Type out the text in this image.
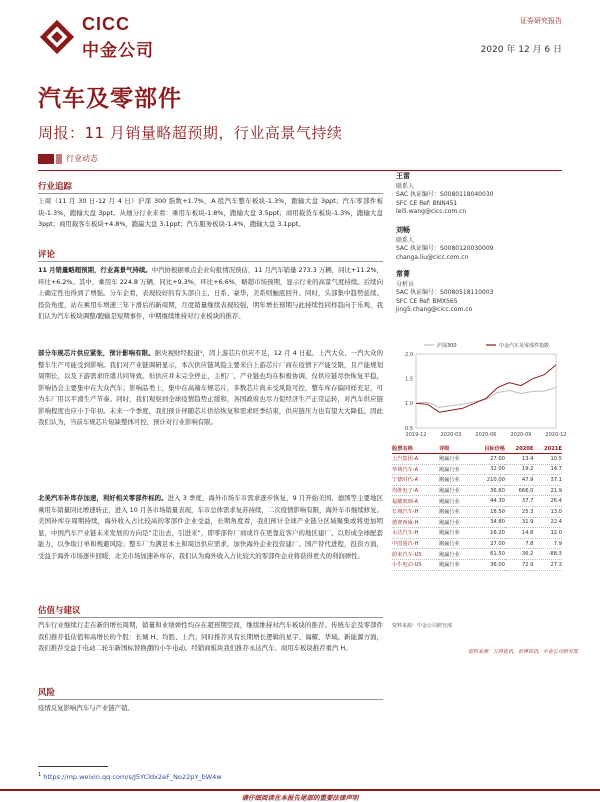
CICC
中金公司
证券研究报告
2020 年 12 月 6 日
汽车及零部件
周报：11 月销量略超预期，行业高景气持续
行业动态
行业追踪
上周（11 月 30 日-12 月 4 日）沪深 300 指数+1.7%，A 股汽车整车板块-1.3%，跑输大盘 3ppt；汽车零部件板块-1.3%，跑输大盘 3ppt。从细分行业来看：乘用车板块-1.8%，跑输大盘 3.5ppt；商用载货车板块-1.3%，跑输大盘 3ppt；商用载客车板块+4.8%，跑赢大盘 3.1ppt；汽车服务板块-1.4%，跑输大盘 3.1ppt。
评论
11 月销量略超预期，行业高景气持续。中汽协根据重点企业旬报情况预估，11 月汽车销量 273.3 万辆，同比+11.2%，环比+6.2%。其中，乘用车 224.8 万辆，同比+9.3%，环比+6.6%，略超市场预期，显示行业的高景气度持续。后续向上确定性也得到了增强。分车企看，表现较好的有头部自主、日系、豪华，美系则触底回升。同时，头部集中趋势延续。投资角度，站在乘用车增速三年下滑后的新周期，月度销量继续表现较强，明年增长预期与此持续性同样趋向于乐观，我们认为汽车板块调整/跑输是短期事件，中期继续维持对行业板块的推荐。
部分车规芯片供应紧张，预计影响有限。据央视财经报道¹，因上游芯片供应不足，12 月 4 日起，上汽大众、一汽大众的整车生产可能受到影响。我们对产业链调研显示，本次供应链风险主要来自上游芯片厂商在疫情下产能受限，且产能规划周期长，以及下游需求旺盛共同导致。但供应并未完全停止，主机厂、产业链也均在积极协调，仅供应链尽快恢复平稳，影响仍会主要集中在大众汽车；影响品类上，集中在高端车规芯片，多数芯片尚未受风险可控，整车库存偏同样充足，可为车厂用以平滑生产节奏。同时，我们观察到全球疫情趋势正缓和，各国政府也尽力促经济生产正常运转，对汽车供应链影响程度也应小于年初。未来一个季度，我们预计伴随芯片供给恢复和需求旺季结束，供应链压力也有望大大降低。因此我们认为，当前车规芯片短缺整体可控，预计对行业影响有限。
北美汽车补库存加速，利好相关零部件标的。进入 3 季度，海外市场车市需求逐步恢复，9 月开始美国、德国等主要地区乘用车销量同比增速转正，进入 10 月各市场销量表现，车市总体需求复苏持续，二次疫情影响有限，海外车市继续修复。美国补库存周期持续，海外收入占比较高的零部件企业受益，长期角度看，我们预计全球产业链分区域聚集或将更加明显，中国汽车产业链未来发展的方向是“走出去、引进来”，即零部件厂商或许在更靠近客户的地区建厂、以形成全球配套能力，以争取订单和规避风险；整车厂为满足本土和周边供应需求，加快海外企业投资建厂、国产替代进程，投资方面，受益于海外市场逐步回暖，北美市场加速补库存，我们认为海外收入占比较大的零部件企业将获得更大的利润弹性。
估值与建议
汽车行业继续行走在新的增长周期，销量和业绩弹性均存在超预期空间，继续维持对汽车板块的推荐。传统车企及零部件我们推荐低估值和高增长的个股：长城 H、均胜、上汽；同时推荐具有长期增长逻辑的星宇、福耀、华域、新能源方面，我们推荐受益于电动二轮车新国标替换潮的小牛电动。经销商板块我们推荐永达汽车、商用车板块推荐重汽 H。
风险
疫情反复影响汽车与产业链产销。
王雷
联系人
SAC 执证编号：S0080118040030
SFC CE Ref: BNN451
lei5.wang@cicc.com.cn
刘畅
联系人
SAC 执证编号：S0080120030009
changa.liu@cicc.com.cn
常菁
分析员
SAC 执证编号：S0080518110003
SFC CE Ref: BMX565
jing5.chang@cicc.com.cn
2.0
1.5
1.0
0.5
2019-12	2020-03	2020-06	2020-09	2020-12
沪深300	中金汽车及零部件指数
股票名称	评级	目标价格	2020E	2021E
上汽集团-A	跑赢行业	27.00	13.4	10.5
华域汽车-A	跑赢行业	32.00	19.2	14.7
宁德时代-A	跑赢行业	210.00	47.9	37.1
均胜电子-A	跑赢行业	36.60	666.0	21.9
福耀玻璃-A	跑赢行业	44.30	37.7	26.4
长城汽车-H	跑赢行业	18.50	25.3	13.0
德赛西威-H	跑赢行业	34.80	31.9	22.4
永达汽车-H	跑赢行业	16.20	14.8	12.0
中国重汽-H	跑赢行业	27.00	7.8	7.9
蔚来汽车-US	跑赢行业	61.50	-36.2	-88.3
小牛电动-US	跑赢行业	36.00	72.9	27.3
资料来源：中金公司研究部
资料来源：万得资讯，彭博资讯，中金公司研究部
$^1$ https://mp.weixin.qq.com/s/J5YCldx2eF_No22pY_bW4w
请仔细阅读在本报告尾部的重要法律声明
